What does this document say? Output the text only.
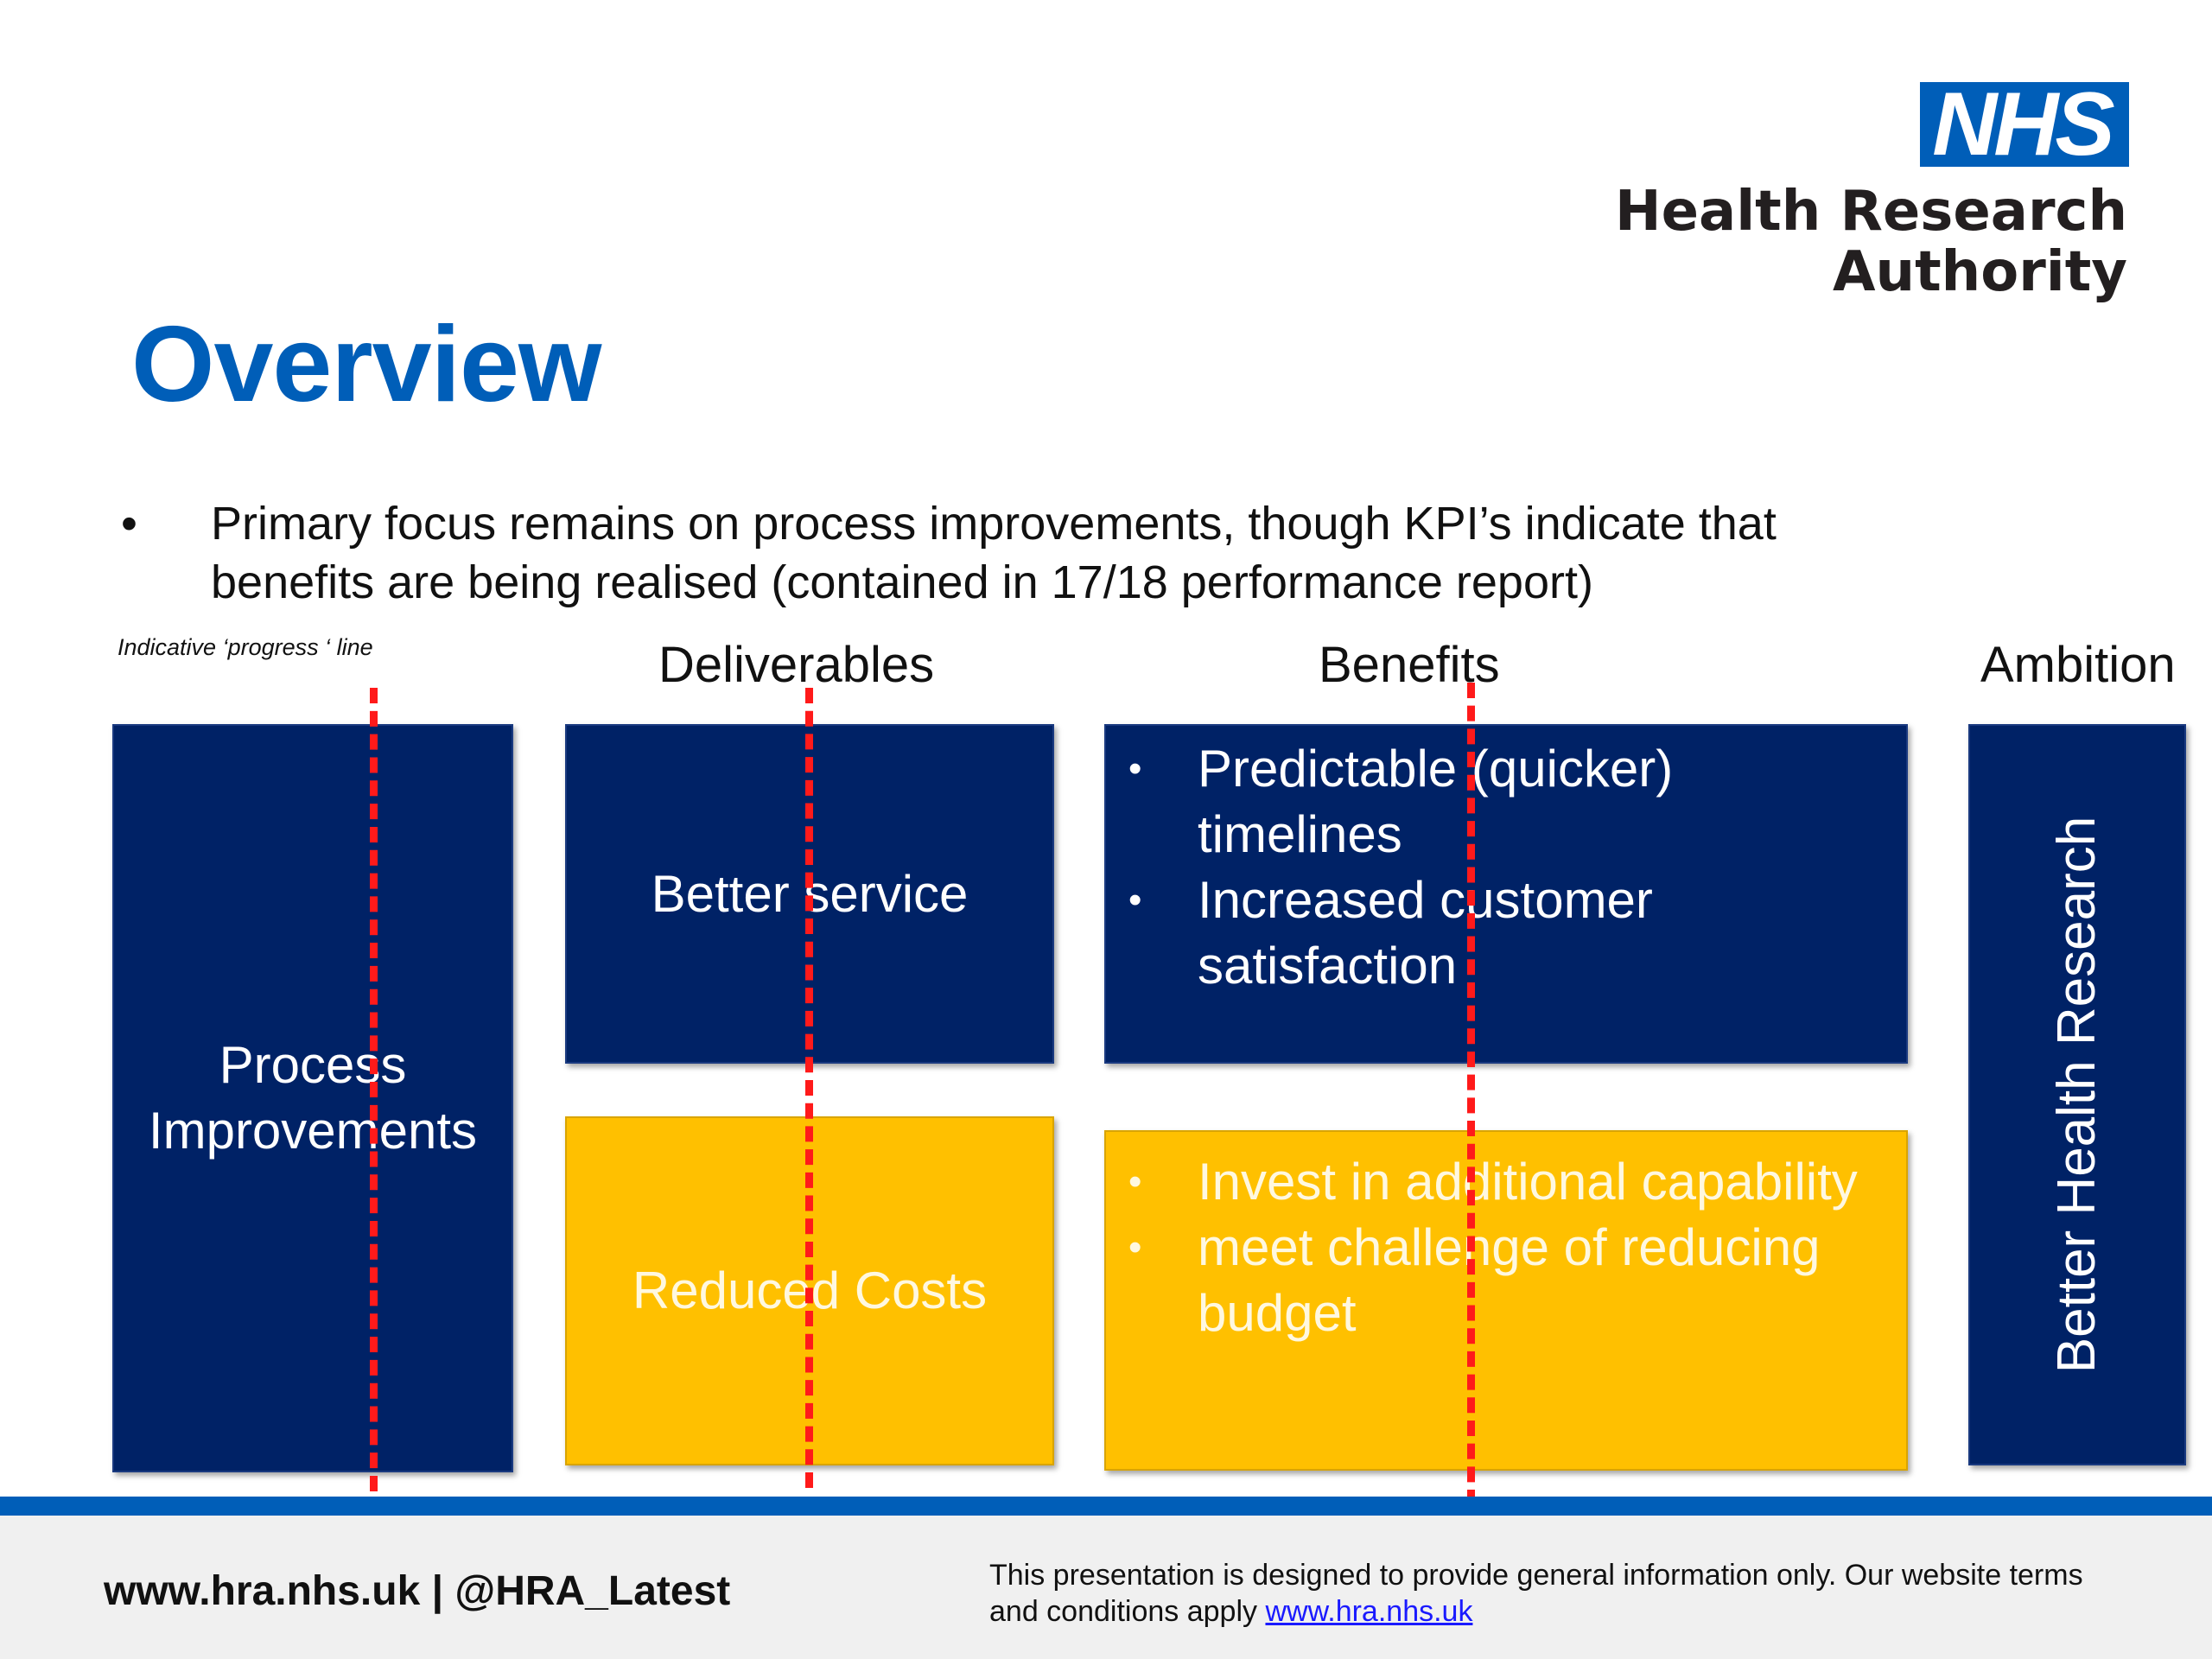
NHS
Health Research
Authority
Overview
• Primary focus remains on process improvements, though KPI’s indicate that benefits are being realised (contained in 17/18 performance report)
Indicative ‘progress ‘ line	Deliverables	Benefits	Ambition
Process
Improvements
Better service
Reduced Costs
• Predictable (quicker) timelines
• Increased customer satisfaction
• Invest in additional capability
• meet challenge of reducing budget	Better Health Research
www.hra.nhs.uk | @HRA_Latest	This presentation is designed to provide general information only. Our website terms and conditions apply www.hra.nhs.uk
